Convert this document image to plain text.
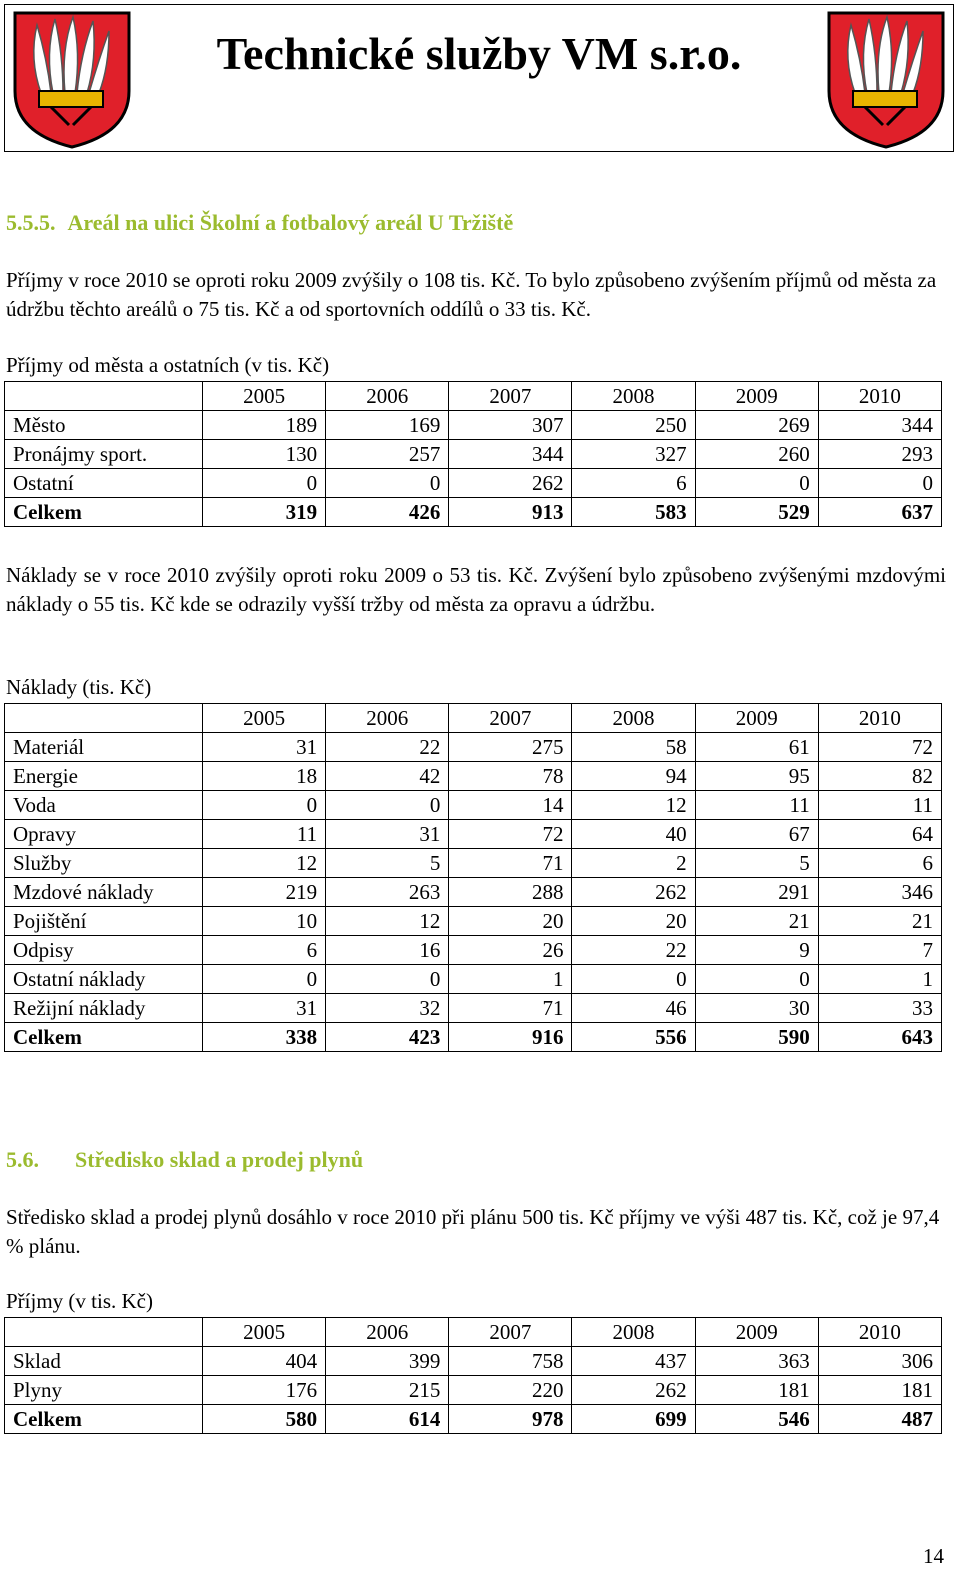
Technické služby VM s.r.o.
5.5.5. Areál na ulici Školní a fotbalový areál U Tržiště
Příjmy v roce 2010 se oproti roku 2009 zvýšily o 108 tis. Kč. To bylo způsobeno zvýšením příjmů od města za údržbu těchto areálů o 75 tis. Kč a od sportovních oddílů o 33 tis. Kč.
Příjmy od města a ostatních (v tis. Kč)
	2005	2006	2007	2008	2009	2010
Město	189	169	307	250	269	344
Pronájmy sport.	130	257	344	327	260	293
Ostatní	0	0	262	6	0	0
Celkem	319	426	913	583	529	637
Náklady se v roce 2010 zvýšily oproti roku 2009 o 53 tis. Kč. Zvýšení bylo způsobeno zvýšenými mzdovými náklady o 55 tis. Kč kde se odrazily vyšší tržby od města za opravu a údržbu.
Náklady (tis. Kč)
	2005	2006	2007	2008	2009	2010
Materiál	31	22	275	58	61	72
Energie	18	42	78	94	95	82
Voda	0	0	14	12	11	11
Opravy	11	31	72	40	67	64
Služby	12	5	71	2	5	6
Mzdové náklady	219	263	288	262	291	346
Pojištění	10	12	20	20	21	21
Odpisy	6	16	26	22	9	7
Ostatní náklady	0	0	1	0	0	1
Režijní náklady	31	32	71	46	30	33
Celkem	338	423	916	556	590	643
5.6. Středisko sklad a prodej plynů
Středisko sklad a prodej plynů dosáhlo v roce 2010 při plánu 500 tis. Kč příjmy ve výši 487 tis. Kč, což je 97,4 % plánu.
Příjmy (v tis. Kč)
	2005	2006	2007	2008	2009	2010
Sklad	404	399	758	437	363	306
Plyny	176	215	220	262	181	181
Celkem	580	614	978	699	546	487
14
